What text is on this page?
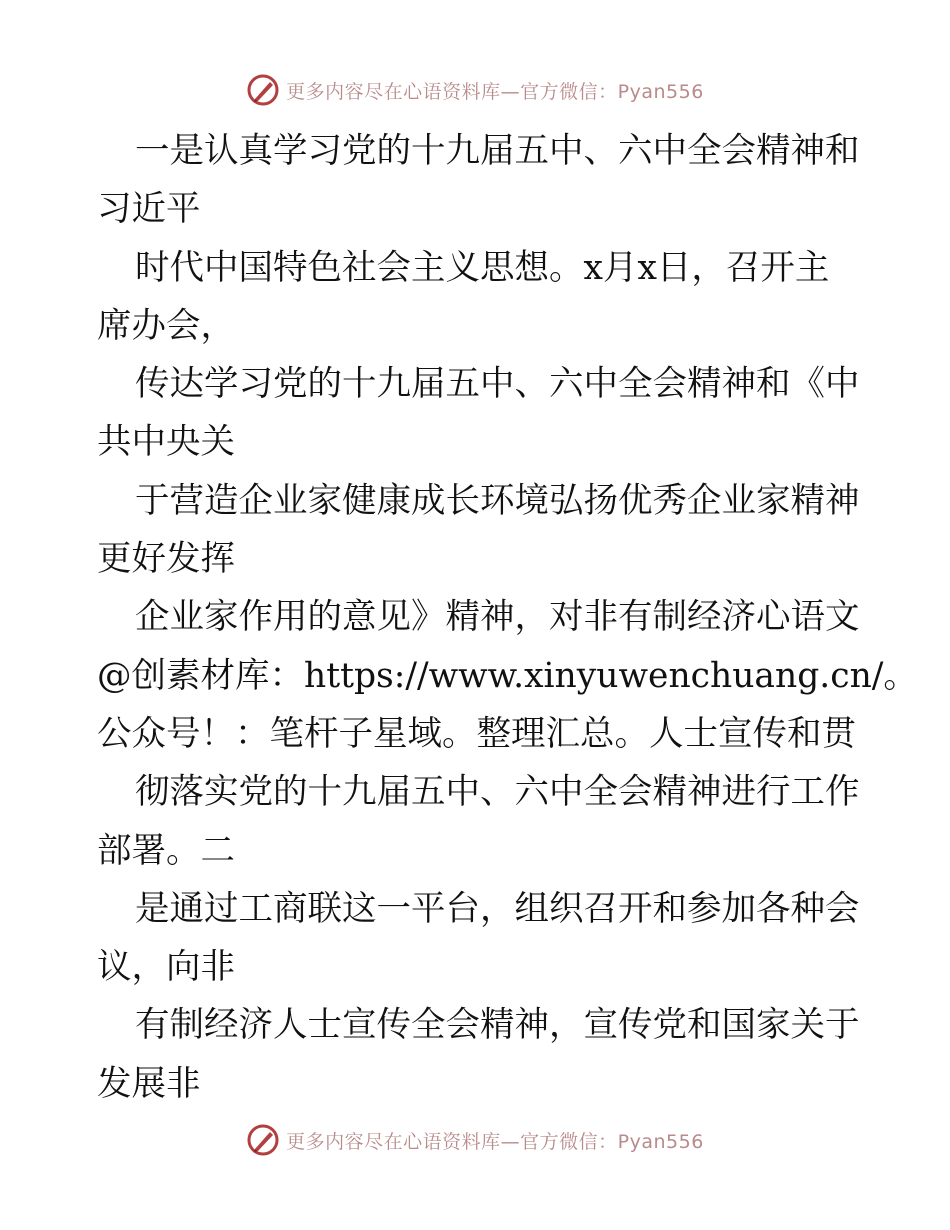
更多内容尽在心语资料库—官方微信：Pyan556
一是认真学习党的十九届五中、六中全会精神和
习近平
时代中国特色社会主义思想。x月x日，召开主
席办会，
传达学习党的十九届五中、六中全会精神和《中
共中央关
于营造企业家健康成长环境弘扬优秀企业家精神
更好发挥
企业家作用的意见》精神，对非有制经济心语文
@创素材库：https://www.xinyuwenchuang.cn/。
公众号！：笔杆子星域。整理汇总。人士宣传和贯
彻落实党的十九届五中、六中全会精神进行工作
部署。二
是通过工商联这一平台，组织召开和参加各种会
议，向非
有制经济人士宣传全会精神，宣传党和国家关于
发展非
更多内容尽在心语资料库—官方微信：Pyan556
